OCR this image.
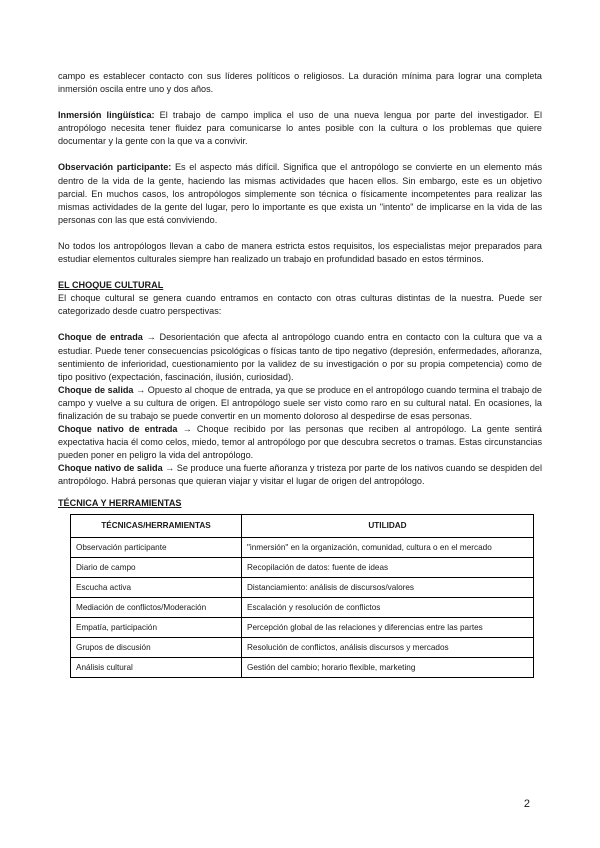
campo es establecer contacto con sus líderes políticos o religiosos. La duración mínima para lograr una completa inmersión oscila entre uno y dos años.

Inmersión lingüística: El trabajo de campo implica el uso de una nueva lengua por parte del investigador. El antropólogo necesita tener fluidez para comunicarse lo antes posible con la cultura o los problemas que quiere documentar y la gente con la que va a convivir.

Observación participante: Es el aspecto más difícil. Significa que el antropólogo se convierte en un elemento más dentro de la vida de la gente, haciendo las mismas actividades que hacen ellos. Sin embargo, este es un objetivo parcial. En muchos casos, los antropólogos simplemente son técnica o físicamente incompetentes para realizar las mismas actividades de la gente del lugar, pero lo importante es que exista un "intento" de implicarse en la vida de las personas con las que está conviviendo.

No todos los antropólogos llevan a cabo de manera estricta estos requisitos, los especialistas mejor preparados para estudiar elementos culturales siempre han realizado un trabajo en profundidad basado en estos términos.

EL CHOQUE CULTURAL

El choque cultural se genera cuando entramos en contacto con otras culturas distintas de la nuestra. Puede ser categorizado desde cuatro perspectivas:

Choque de entrada → Desorientación que afecta al antropólogo cuando entra en contacto con la cultura que va a estudiar. Puede tener consecuencias psicológicas o físicas tanto de tipo negativo (depresión, enfermedades, añoranza, sentimiento de inferioridad, cuestionamiento por la validez de su investigación o por su propia competencia) como de tipo positivo (expectación, fascinación, ilusión, curiosidad).

Choque de salida → Opuesto al choque de entrada, ya que se produce en el antropólogo cuando termina el trabajo de campo y vuelve a su cultura de origen. El antropólogo suele ser visto como raro en su cultural natal. En ocasiones, la finalización de su trabajo se puede convertir en un momento doloroso al despedirse de esas personas.

Choque nativo de entrada → Choque recibido por las personas que reciben al antropólogo. La gente sentirá expectativa hacia él como celos, miedo, temor al antropólogo por que descubra secretos o tramas. Estas circunstancias pueden poner en peligro la vida del antropólogo.

Choque nativo de salida → Se produce una fuerte añoranza y tristeza por parte de los nativos cuando se despiden del antropólogo. Habrá personas que quieran viajar y visitar el lugar de origen del antropólogo.

TÉCNICA Y HERRAMIENTAS

TÉCNICAS/HERRAMIENTAS	UTILIDAD
Observación participante	"inmersión" en la organización, comunidad, cultura o en el mercado
Diario de campo	Recopilación de datos: fuente de ideas
Escucha activa	Distanciamiento: análisis de discursos/valores
Mediación de conflictos/Moderación	Escalación y resolución de conflictos
Empatía, participación	Percepción global de las relaciones y diferencias entre las partes
Grupos de discusión	Resolución de conflictos, análisis discursos y mercados
Análisis cultural	Gestión del cambio; horario flexible, marketing
2
